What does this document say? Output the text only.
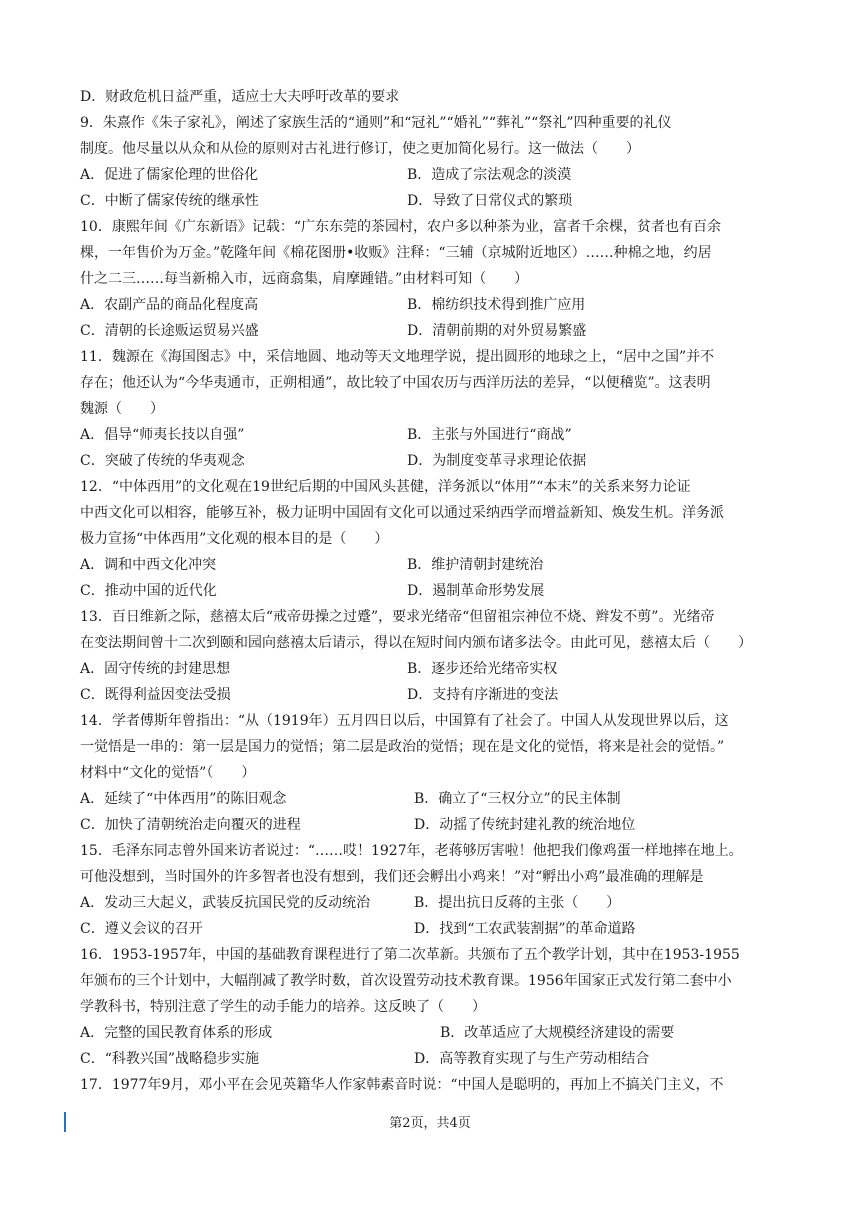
D．财政危机日益严重，适应士大夫呼吁改革的要求
9．朱熹作《朱子家礼》，阐述了家族生活的“通则”和“冠礼”“婚礼”“葬礼”“祭礼”四种重要的礼仪
制度。他尽量以从众和从俭的原则对古礼进行修订，使之更加简化易行。这一做法（　　）
A．促进了儒家伦理的世俗化	B．造成了宗法观念的淡漠
C．中断了儒家传统的继承性	D．导致了日常仪式的繁琐
10．康熙年间《广东新语》记载：“广东东莞的茶园村，农户多以种茶为业，富者千余棵，贫者也有百余
棵，一年售价为万金。”乾隆年间《棉花图册•收贩》注释：“三辅（京城附近地区）……种棉之地，约居
什之二三……每当新棉入市，远商翕集，肩摩踵错。”由材料可知（　　）
A．农副产品的商品化程度高	B．棉纺织技术得到推广应用
C．清朝的长途贩运贸易兴盛	D．清朝前期的对外贸易繁盛
11．魏源在《海国图志》中，采信地圆、地动等天文地理学说，提出圆形的地球之上，“居中之国”并不
存在；他还认为“今华夷通市，正朔相通”，故比较了中国农历与西洋历法的差异，“以便稽览”。这表明
魏源（　　）
A．倡导“师夷长技以自强”	B．主张与外国进行“商战”
C．突破了传统的华夷观念	D．为制度变革寻求理论依据
12．“中体西用”的文化观在19世纪后期的中国风头甚健，洋务派以“体用”“本末”的关系来努力论证
中西文化可以相容，能够互补，极力证明中国固有文化可以通过采纳西学而增益新知、焕发生机。洋务派
极力宣扬“中体西用”文化观的根本目的是（　　）
A．调和中西文化冲突	B．维护清朝封建统治
C．推动中国的近代化	D．遏制革命形势发展
13．百日维新之际，慈禧太后“戒帝毋操之过蹙”，要求光绪帝“但留祖宗神位不烧、辫发不剪”。光绪帝
在变法期间曾十二次到颐和园向慈禧太后请示，得以在短时间内颁布诸多法令。由此可见，慈禧太后（　　）
A．固守传统的封建思想	B．逐步还给光绪帝实权
C．既得利益因变法受损	D．支持有序渐进的变法
14．学者傅斯年曾指出：“从（1919年）五月四日以后，中国算有了社会了。中国人从发现世界以后，这
一觉悟是一串的：第一层是国力的觉悟；第二层是政治的觉悟；现在是文化的觉悟，将来是社会的觉悟。”
材料中“文化的觉悟”（　　）
A．延续了“中体西用”的陈旧观念	B．确立了“三权分立”的民主体制
C．加快了清朝统治走向覆灭的进程	D．动摇了传统封建礼教的统治地位
15．毛泽东同志曾外国来访者说过：“……哎！1927年，老蒋够厉害啦！他把我们像鸡蛋一样地摔在地上。
可他没想到，当时国外的许多智者也没有想到，我们还会孵出小鸡来！”对“孵出小鸡”最准确的理解是
A．发动三大起义，武装反抗国民党的反动统治	B．提出抗日反蒋的主张（　　）
C．遵义会议的召开	D．找到“工农武装割据”的革命道路
16．1953-1957年，中国的基础教育课程进行了第二次革新。共颁布了五个教学计划，其中在1953-1955
年颁布的三个计划中，大幅削减了教学时数，首次设置劳动技术教育课。1956年国家正式发行第二套中小
学教科书，特别注意了学生的动手能力的培养。这反映了（　　）
A．完整的国民教育体系的形成	B．改革适应了大规模经济建设的需要
C．“科教兴国”战略稳步实施	D．高等教育实现了与生产劳动相结合
17．1977年9月，邓小平在会见英籍华人作家韩素音时说：“中国人是聪明的，再加上不搞关门主义，不
第2页，共4页
